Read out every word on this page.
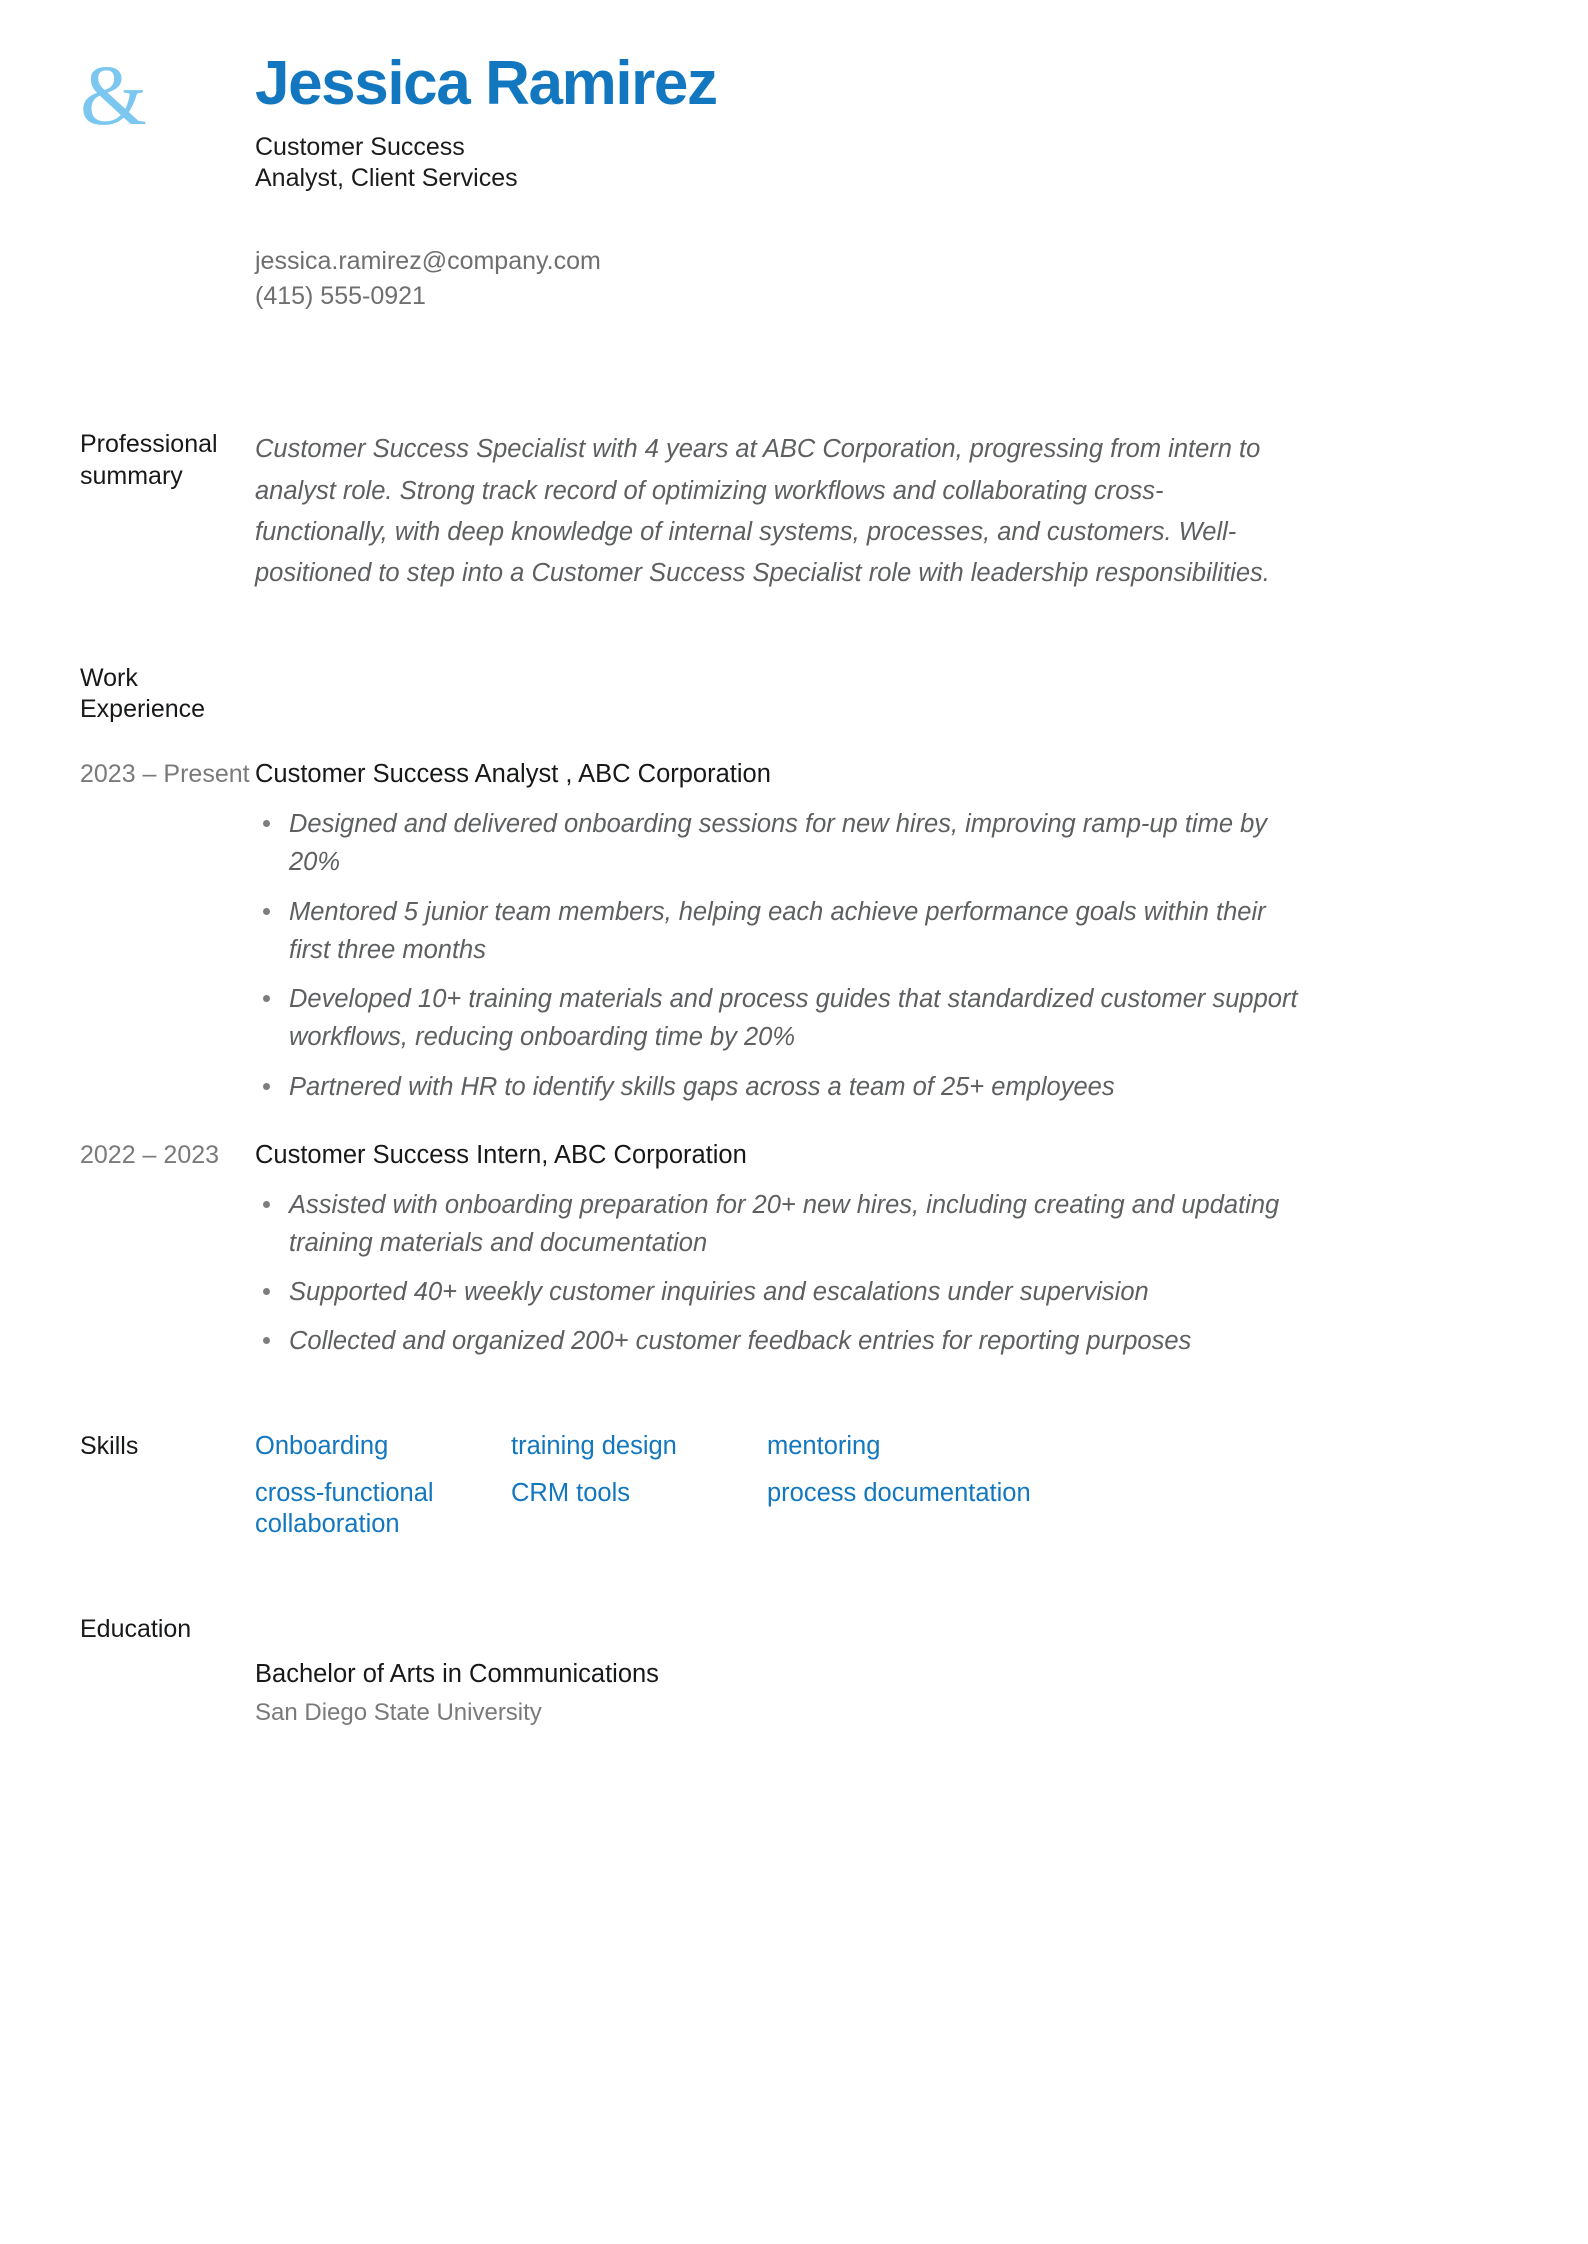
&	Jessica Ramirez
Customer Success
Analyst, Client Services
jessica.ramirez@company.com
(415) 555-0921
Professional summary

Customer Success Specialist with 4 years at ABC Corporation, progressing from intern to analyst role. Strong track record of optimizing workflows and collaborating cross-functionally, with deep knowledge of internal systems, processes, and customers. Well-positioned to step into a Customer Success Specialist role with leadership responsibilities.

Work Experience
2023 – Present Customer Success Analyst , ABC Corporation
Designed and delivered onboarding sessions for new hires, improving ramp-up time by 20%
Mentored 5 junior team members, helping each achieve performance goals within their first three months
Developed 10+ training materials and process guides that standardized customer support workflows, reducing onboarding time by 20%
Partnered with HR to identify skills gaps across a team of 25+ employees
2022 – 2023	Customer Success Intern, ABC Corporation
Assisted with onboarding preparation for 20+ new hires, including creating and updating training materials and documentation
Supported 40+ weekly customer inquiries and escalations under supervision
Collected and organized 200+ customer feedback entries for reporting purposes
Skills	Onboarding	training design	mentoring
cross-functional collaboration
CRM tools	process documentation
Education
Bachelor of Arts in Communications
San Diego State University
